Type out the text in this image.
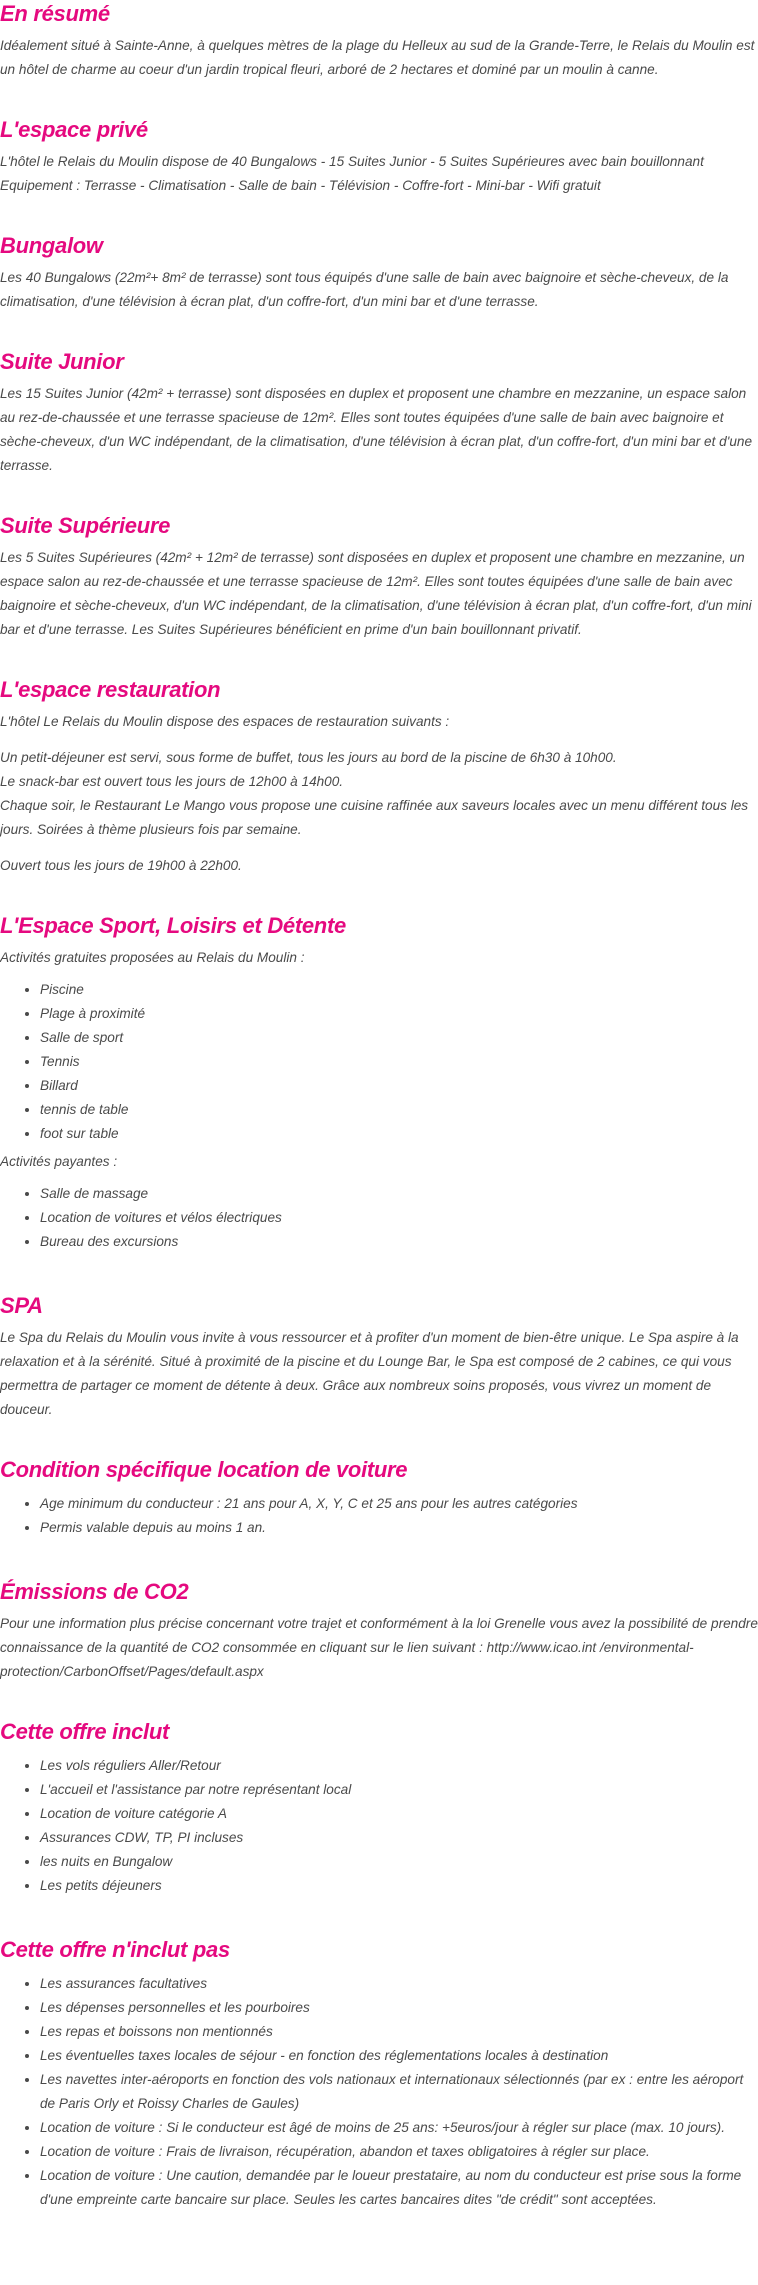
En résumé

Idéalement situé à Sainte-Anne, à quelques mètres de la plage du Helleux au sud de la Grande-Terre, le Relais du Moulin est un hôtel de charme au coeur d'un jardin tropical fleuri, arboré de 2 hectares et dominé par un moulin à canne.

L'espace privé

L'hôtel le Relais du Moulin dispose de 40 Bungalows - 15 Suites Junior - 5 Suites Supérieures avec bain bouillonnant

Equipement : Terrasse - Climatisation - Salle de bain - Télévision - Coffre-fort - Mini-bar - Wifi gratuit

Bungalow

Les 40 Bungalows (22m²+ 8m² de terrasse) sont tous équipés d'une salle de bain avec baignoire et sèche-cheveux, de la climatisation, d'une télévision à écran plat, d'un coffre-fort, d'un mini bar et d'une terrasse.

Suite Junior

Les 15 Suites Junior (42m² + terrasse) sont disposées en duplex et proposent une chambre en mezzanine, un espace salon au rez-de-chaussée et une terrasse spacieuse de 12m². Elles sont toutes équipées d'une salle de bain avec baignoire et sèche-cheveux, d'un WC indépendant, de la climatisation, d'une télévision à écran plat, d'un coffre-fort, d'un mini bar et d'une terrasse.

Suite Supérieure

Les 5 Suites Supérieures (42m² + 12m² de terrasse) sont disposées en duplex et proposent une chambre en mezzanine, un espace salon au rez-de-chaussée et une terrasse spacieuse de 12m². Elles sont toutes équipées d'une salle de bain avec baignoire et sèche-cheveux, d'un WC indépendant, de la climatisation, d'une télévision à écran plat, d'un coffre-fort, d'un mini bar et d'une terrasse. Les Suites Supérieures bénéficient en prime d'un bain bouillonnant privatif.

L'espace restauration

L'hôtel Le Relais du Moulin dispose des espaces de restauration suivants :

Un petit-déjeuner est servi, sous forme de buffet, tous les jours au bord de la piscine de 6h30 à 10h00.

Le snack-bar est ouvert tous les jours de 12h00 à 14h00.

Chaque soir, le Restaurant Le Mango vous propose une cuisine raffinée aux saveurs locales avec un menu différent tous les jours. Soirées à thème plusieurs fois par semaine.

Ouvert tous les jours de 19h00 à 22h00.

L'Espace Sport, Loisirs et Détente

Activités gratuites proposées au Relais du Moulin :

• Piscine
• Plage à proximité
• Salle de sport
• Tennis
• Billard
• tennis de table
• foot sur table

Activités payantes :

• Salle de massage
• Location de voitures et vélos électriques
• Bureau des excursions
SPA

Le Spa du Relais du Moulin vous invite à vous ressourcer et à profiter d'un moment de bien-être unique. Le Spa aspire à la relaxation et à la sérénité. Situé à proximité de la piscine et du Lounge Bar, le Spa est composé de 2 cabines, ce qui vous permettra de partager ce moment de détente à deux. Grâce aux nombreux soins proposés, vous vivrez un moment de douceur.

Condition spécifique location de voiture
• Age minimum du conducteur : 21 ans pour A, X, Y, C et 25 ans pour les autres catégories
• Permis valable depuis au moins 1 an.
Émissions de CO2

Pour une information plus précise concernant votre trajet et conformément à la loi Grenelle vous avez la possibilité de prendre connaissance de la quantité de CO2 consommée en cliquant sur le lien suivant : http://www.icao.int /environmental-protection/CarbonOffset/Pages/default.aspx

Cette offre inclut
• Les vols réguliers Aller/Retour
• L'accueil et l'assistance par notre représentant local
• Location de voiture catégorie A
• Assurances CDW, TP, PI incluses
• les nuits en Bungalow
• Les petits déjeuners
Cette offre n'inclut pas
• Les assurances facultatives
• Les dépenses personnelles et les pourboires
• Les repas et boissons non mentionnés
• Les éventuelles taxes locales de séjour - en fonction des réglementations locales à destination
• Les navettes inter-aéroports en fonction des vols nationaux et internationaux sélectionnés (par ex : entre les aéroport de Paris Orly et Roissy Charles de Gaules)
• Location de voiture : Si le conducteur est âgé de moins de 25 ans: +5euros/jour à régler sur place (max. 10 jours).
• Location de voiture : Frais de livraison, récupération, abandon et taxes obligatoires à régler sur place.
• Location de voiture : Une caution, demandée par le loueur prestataire, au nom du conducteur est prise sous la forme d'une empreinte carte bancaire sur place. Seules les cartes bancaires dites "de crédit" sont acceptées.
